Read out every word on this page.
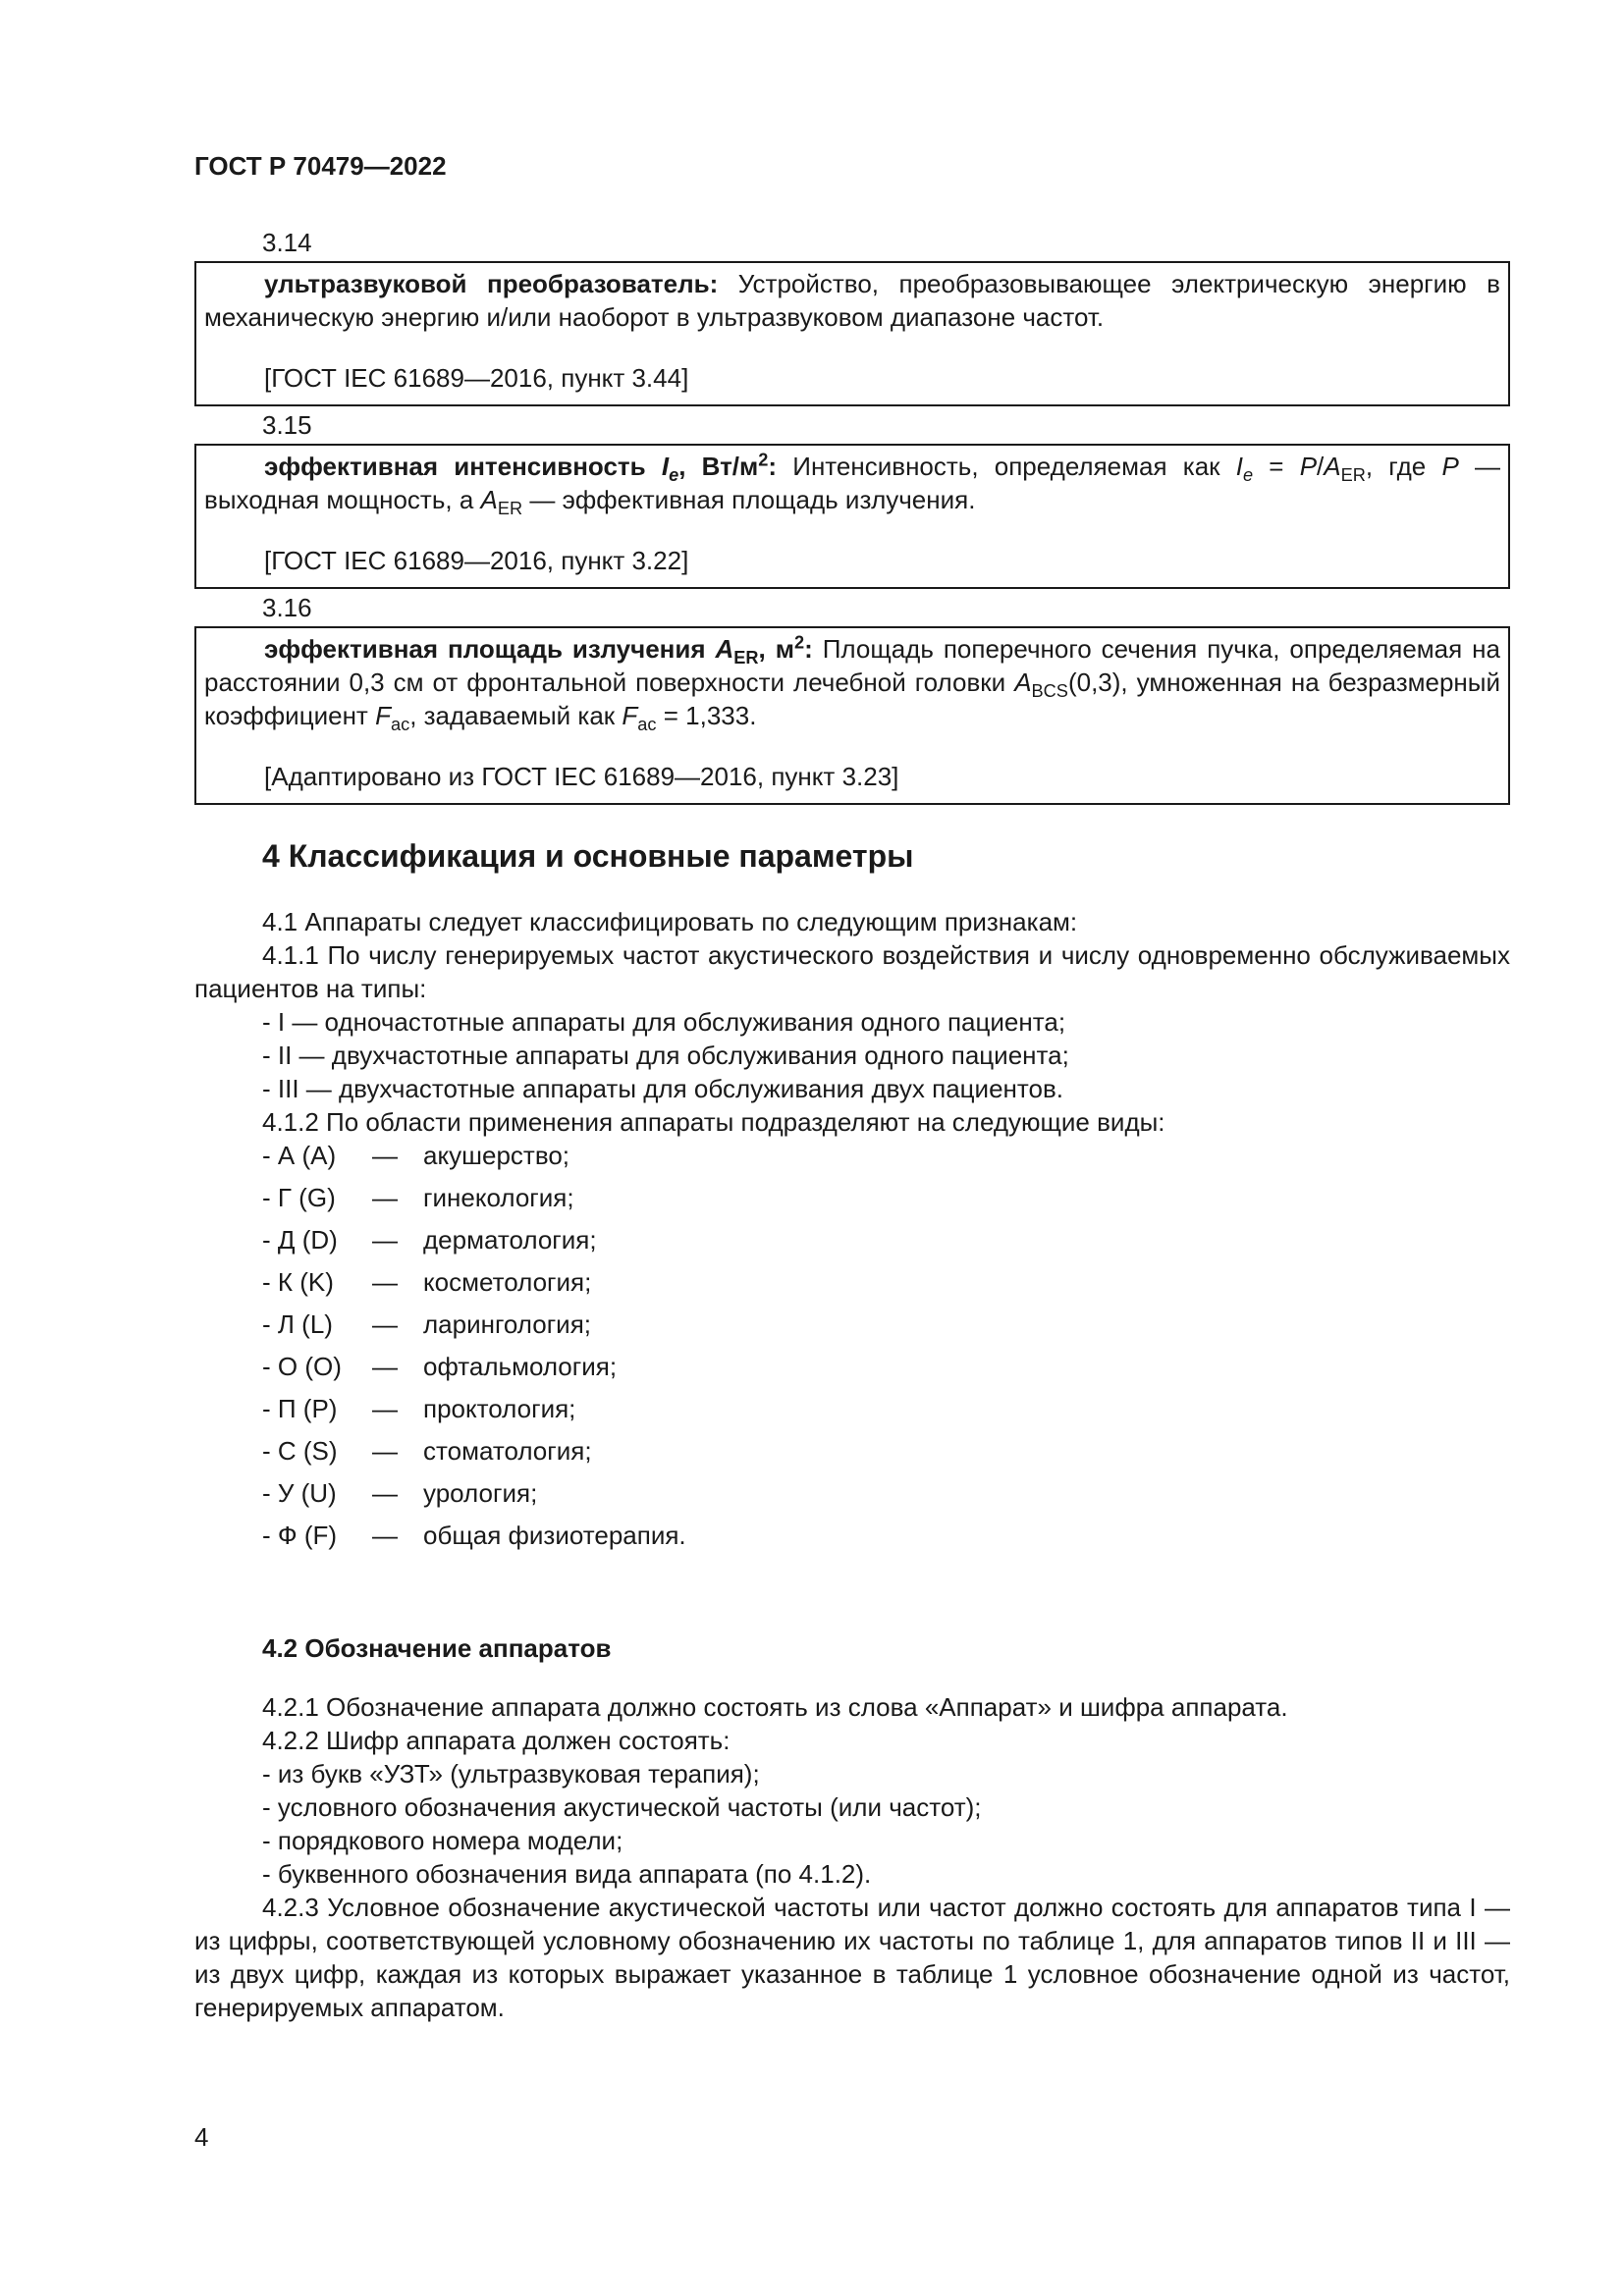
ГОСТ Р 70479—2022
3.14

ультразвуковой преобразователь: Устройство, преобразовывающее электрическую энергию в механическую энергию и/или наоборот в ультразвуковом диапазоне частот.

[ГОСТ IEC 61689—2016, пункт 3.44]

3.15

эффективная интенсивность $I_e$, $Вт/м^2$: Интенсивность, определяемая как $I_e = P/A_{ER}$, где P — выходная мощность, а $A_{ER}$ — эффективная площадь излучения.

[ГОСТ IEC 61689—2016, пункт 3.22]

3.16

эффективная площадь излучения $A_{ER}$, $м^2$: Площадь поперечного сечения пучка, определяемая на расстоянии 0,3 см от фронтальной поверхности лечебной головки $A_{BCS}(0,3)$, умноженная на безразмерный коэффициент $F_{ac}$, задаваемый как $F_{ac} = 1,333$.

[Адаптировано из ГОСТ IEC 61689—2016, пункт 3.23]

4 Классификация и основные параметры

4.1 Аппараты следует классифицировать по следующим признакам:

4.1.1 По числу генерируемых частот акустического воздействия и числу одновременно обслуживаемых пациентов на типы:

- I — одночастотные аппараты для обслуживания одного пациента;

- II — двухчастотные аппараты для обслуживания одного пациента;

- III — двухчастотные аппараты для обслуживания двух пациентов.

4.1.2 По области применения аппараты подразделяют на следующие виды:

- А (A) — акушерство;
- Г (G) — гинекология;
- Д (D) — дерматология;
- К (K) — косметология;
- Л (L) — ларингология;
- О (O) — офтальмология;
- П (P) — проктология;
- С (S) — стоматология;
- У (U) — урология;
- Ф (F) — общая физиотерапия.
4.2 Обозначение аппаратов

4.2.1 Обозначение аппарата должно состоять из слова «Аппарат» и шифра аппарата.

4.2.2 Шифр аппарата должен состоять:

- из букв «УЗТ» (ультразвуковая терапия);

- условного обозначения акустической частоты (или частот);

- порядкового номера модели;

- буквенного обозначения вида аппарата (по 4.1.2).

4.2.3 Условное обозначение акустической частоты или частот должно состоять для аппаратов типа I — из цифры, соответствующей условному обозначению их частоты по таблице 1, для аппаратов типов II и III — из двух цифр, каждая из которых выражает указанное в таблице 1 условное обозначение одной из частот, генерируемых аппаратом.

4
